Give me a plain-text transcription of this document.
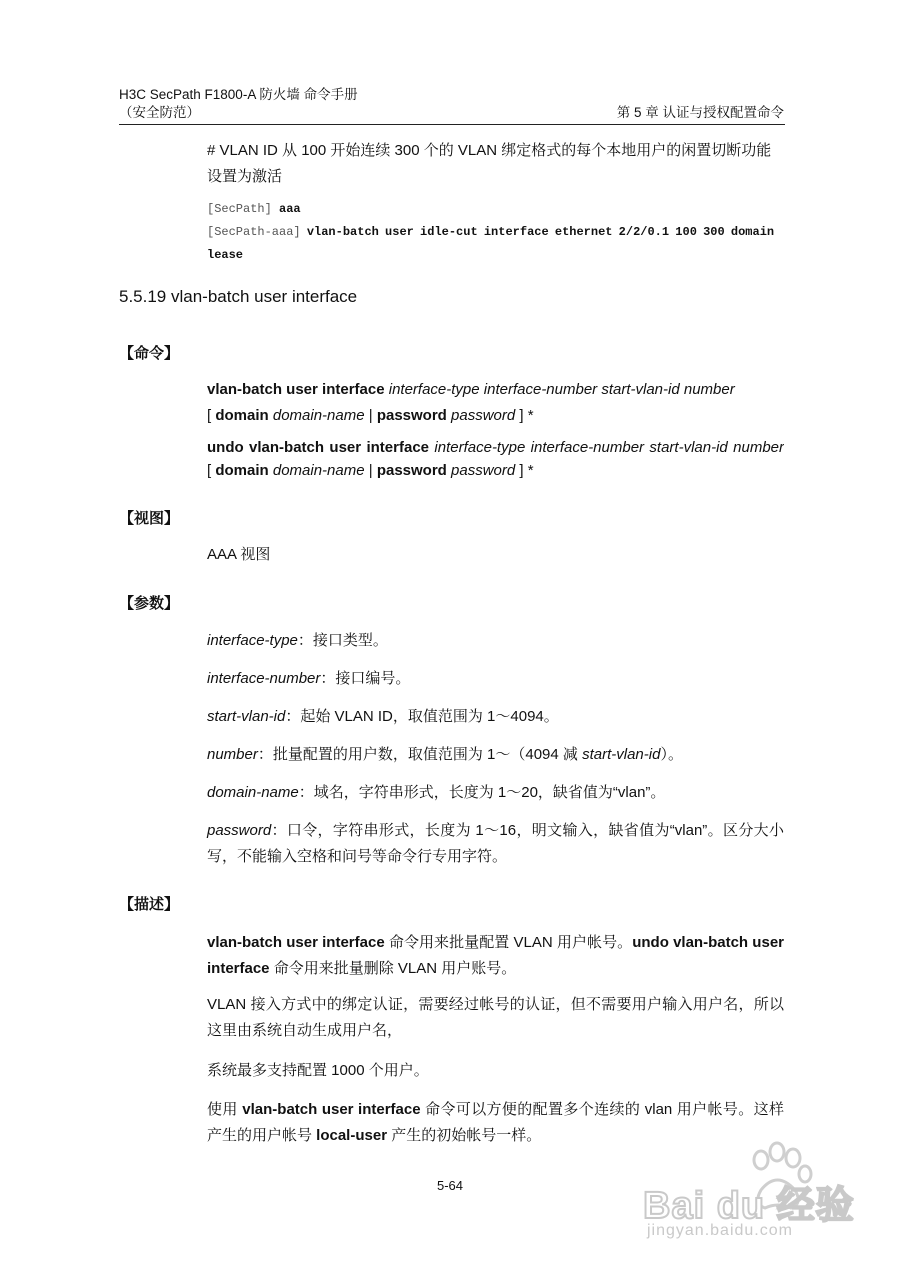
H3C SecPath F1800-A 防火墙 命令手册
（安全防范）	第 5 章 认证与授权配置命令
# VLAN ID 从 100 开始连续 300 个的 VLAN 绑定格式的每个本地用户的闲置切断功能设置为激活
[SecPath] aaa
[SecPath-aaa] vlan-batch user idle-cut interface ethernet 2/2/0.1 100 300 domain
lease
5.5.19 vlan-batch user interface
【命令】
vlan-batch user interface interface-type interface-number start-vlan-id number
[ domain domain-name | password password ] *
undo vlan-batch user interface interface-type interface-number start-vlan-id number
[ domain domain-name | password password ] *
【视图】
AAA 视图
【参数】
interface-type：接口类型。
interface-number：接口编号。
start-vlan-id：起始 VLAN ID，取值范围为 1～4094。
number：批量配置的用户数，取值范围为 1～（4094 减 start-vlan-id）。
domain-name：域名，字符串形式，长度为 1～20，缺省值为“vlan”。
password：口令，字符串形式，长度为 1～16，明文输入，缺省值为“vlan”。区分大小写，不能输入空格和问号等命令行专用字符。
【描述】
vlan-batch user interface 命令用来批量配置 VLAN 用户帐号。undo vlan-batch user interface 命令用来批量删除 VLAN 用户账号。
VLAN 接入方式中的绑定认证，需要经过帐号的认证，但不需要用户输入用户名，所以这里由系统自动生成用户名，
系统最多支持配置 1000 个用户。
使用 vlan-batch user interface 命令可以方便的配置多个连续的 vlan 用户帐号。这样产生的用户帐号 local-user 产生的初始帐号一样。
5-64	Bai du 经验
jingyan.baidu.com
